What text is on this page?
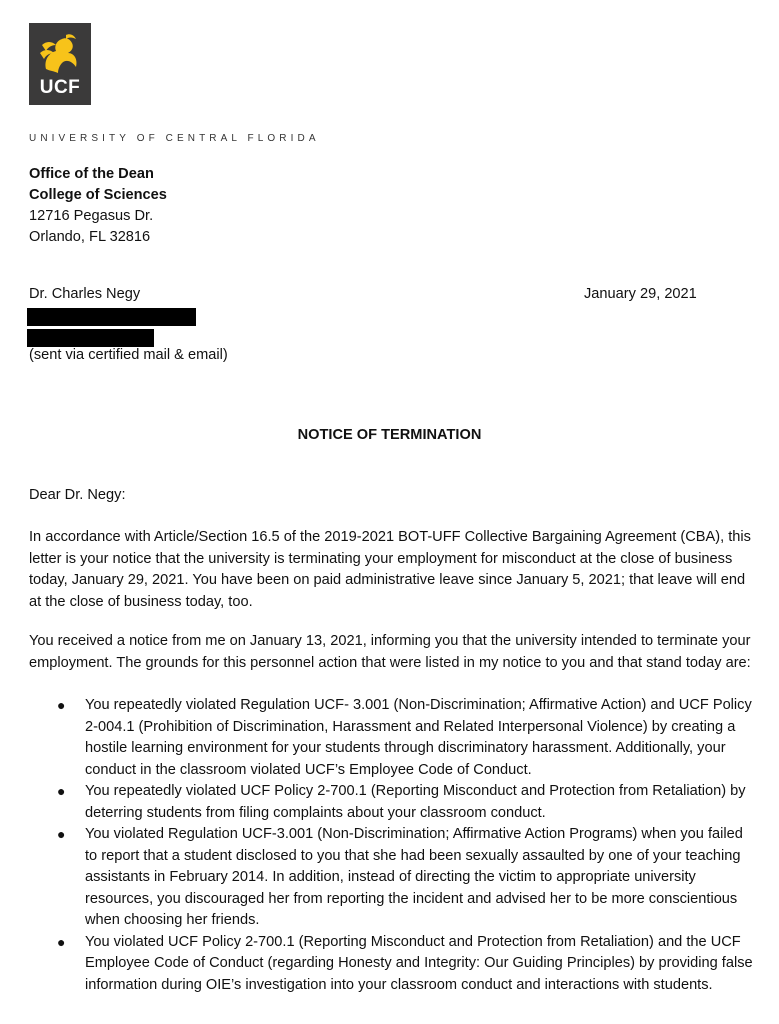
UCF
UNIVERSITY OF CENTRAL FLORIDA
Office of the Dean
College of Sciences
12716 Pegasus Dr.
Orlando, FL 32816
Dr. Charles Negy	January 29, 2021
(sent via certified mail & email)
NOTICE OF TERMINATION
Dear Dr. Negy:
In accordance with Article/Section 16.5 of the 2019-2021 BOT-UFF Collective Bargaining Agreement (CBA), this letter is your notice that the university is terminating your employment for misconduct at the close of business today, January 29, 2021. You have been on paid administrative leave since January 5, 2021; that leave will end at the close of business today, too.
You received a notice from me on January 13, 2021, informing you that the university intended to terminate your employment. The grounds for this personnel action that were listed in my notice to you and that stand today are:
● You repeatedly violated Regulation UCF- 3.001 (Non-Discrimination; Affirmative Action) and UCF Policy 2-004.1 (Prohibition of Discrimination, Harassment and Related Interpersonal Violence) by creating a hostile learning environment for your students through discriminatory harassment. Additionally, your conduct in the classroom violated UCF’s Employee Code of Conduct.
● You repeatedly violated UCF Policy 2-700.1 (Reporting Misconduct and Protection from Retaliation) by deterring students from filing complaints about your classroom conduct.
● You violated Regulation UCF-3.001 (Non-Discrimination; Affirmative Action Programs) when you failed to report that a student disclosed to you that she had been sexually assaulted by one of your teaching assistants in February 2014. In addition, instead of directing the victim to appropriate university resources, you discouraged her from reporting the incident and advised her to be more conscientious when choosing her friends.
● You violated UCF Policy 2-700.1 (Reporting Misconduct and Protection from Retaliation) and the UCF Employee Code of Conduct (regarding Honesty and Integrity: Our Guiding Principles) by providing false information during OIE’s investigation into your classroom conduct and interactions with students.
